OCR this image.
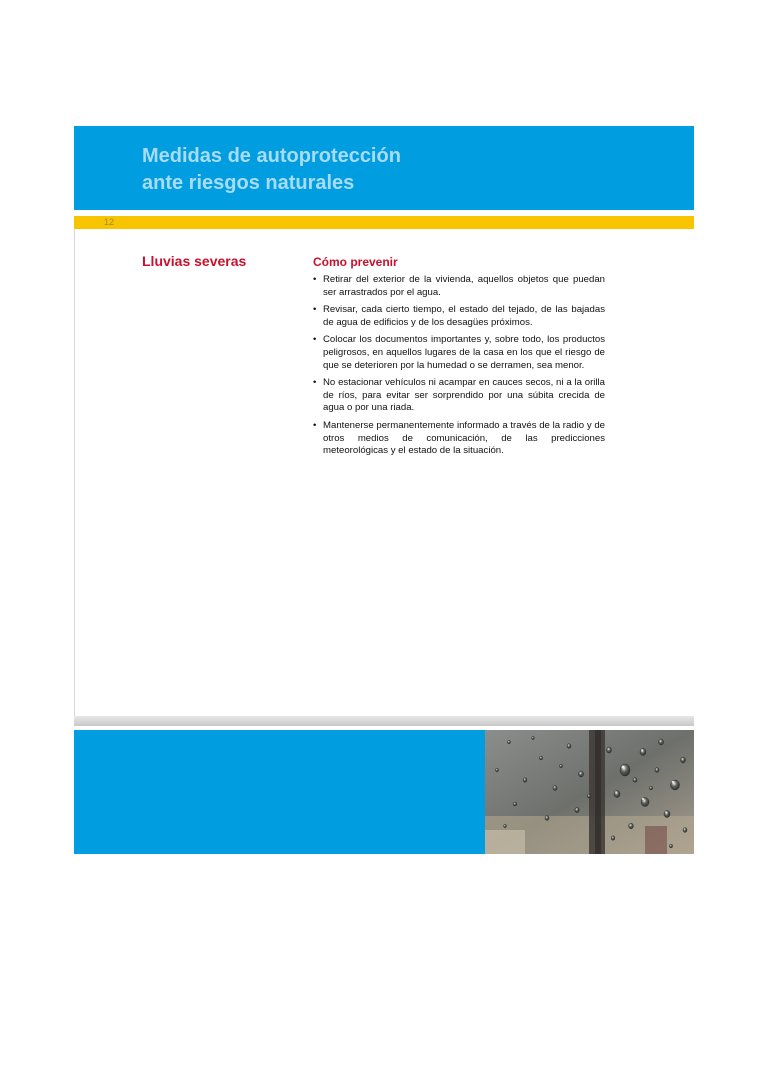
Medidas de autoprotección
ante riesgos naturales
12
Lluvias severas	Cómo prevenir
• Retirar del exterior de la vivienda, aquellos objetos que puedan ser arrastrados por el agua.
• Revisar, cada cierto tiempo, el estado del tejado, de las bajadas de agua de edificios y de los desagües próximos.
• Colocar los documentos importantes y, sobre todo, los productos peligrosos, en aquellos lugares de la casa en los que el riesgo de que se deterioren por la humedad o se derramen, sea menor.
• No estacionar vehículos ni acampar en cauces secos, ni a la orilla de ríos, para evitar ser sorprendido por una súbita crecida de agua o por una riada.
• Mantenerse permanentemente informado a través de la radio y de otros medios de comunicación, de las predicciones meteorológicas y el estado de la situación.
